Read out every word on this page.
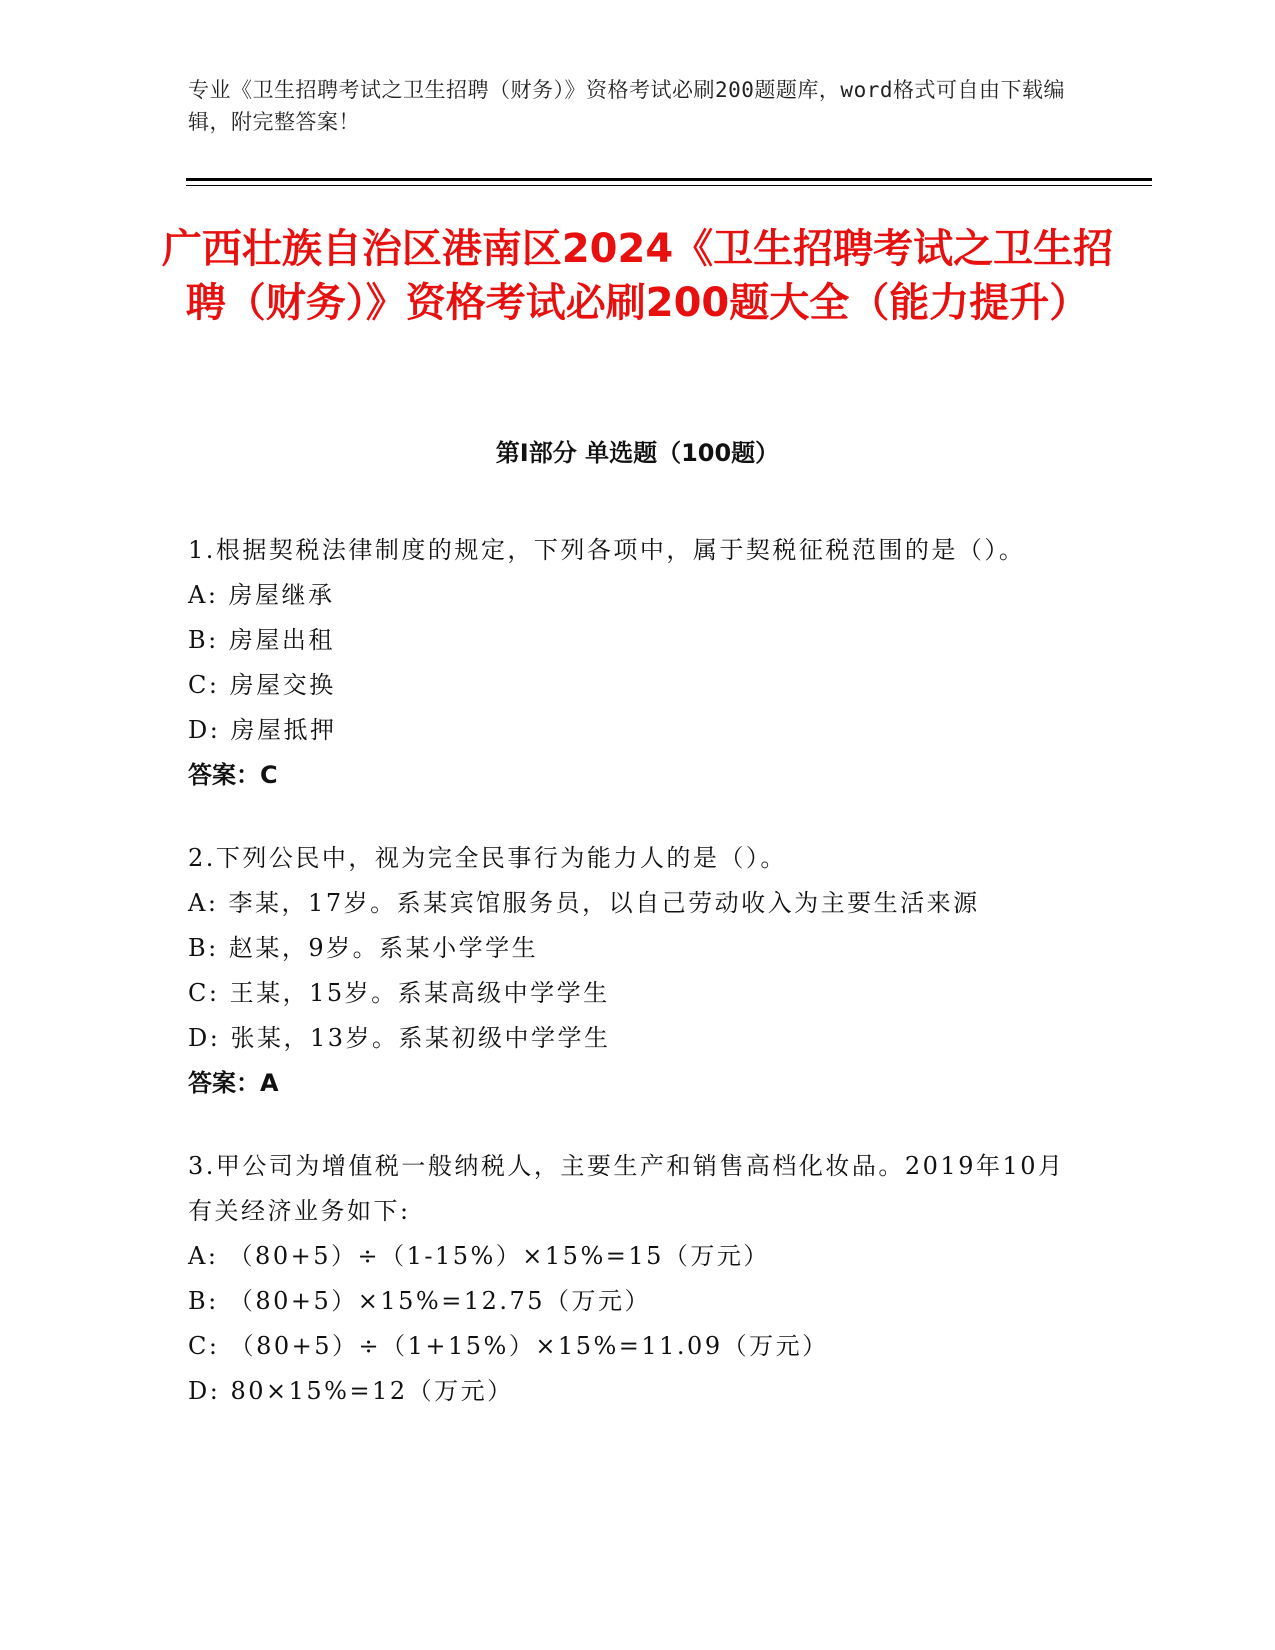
专业《卫生招聘考试之卫生招聘（财务）》资格考试必刷200题题库，word格式可自由下载编辑，附完整答案！
广西壮族自治区港南区2024《卫生招聘考试之卫生招聘（财务）》资格考试必刷200题大全（能力提升）
第I部分 单选题（100题）

1.根据契税法律制度的规定，下列各项中，属于契税征税范围的是（）。

A: 房屋继承

B: 房屋出租

C: 房屋交换

D: 房屋抵押

答案：C

2.下列公民中，视为完全民事行为能力人的是（）。

A: 李某，17岁。系某宾馆服务员，以自己劳动收入为主要生活来源

B: 赵某，9岁。系某小学学生

C: 王某，15岁。系某高级中学学生

D: 张某，13岁。系某初级中学学生

答案：A

3.甲公司为增值税一般纳税人，主要生产和销售高档化妆品。2019年10月有关经济业务如下:

A: （80+5）÷（1-15%）×15%=15（万元）

B: （80+5）×15%=12.75（万元）

C: （80+5）÷（1+15%）×15%=11.09（万元）

D: 80×15%=12（万元）
